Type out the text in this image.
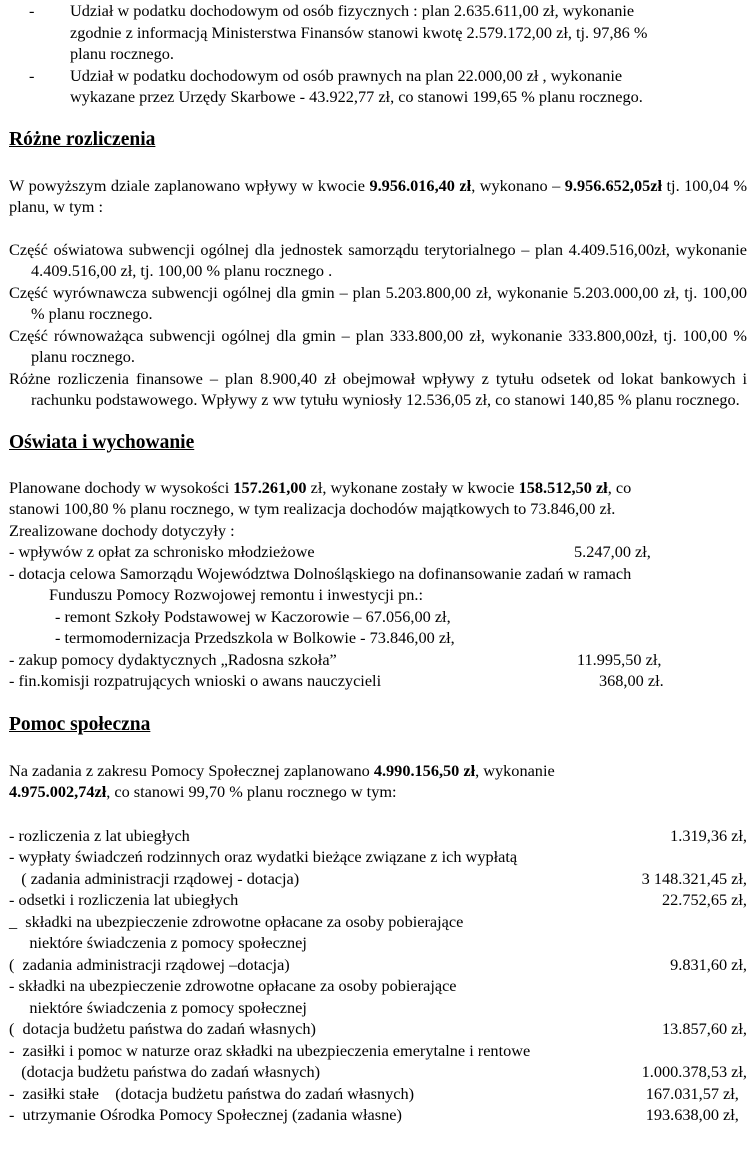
- Udział w podatku dochodowym od osób fizycznych : plan 2.635.611,00 zł, wykonanie

zgodnie z informacją Ministerstwa Finansów stanowi kwotę 2.579.172,00 zł, tj. 97,86 %

planu rocznego.

- Udział w podatku dochodowym od osób prawnych na plan 22.000,00 zł , wykonanie

wykazane przez Urzędy Skarbowe - 43.922,77 zł, co stanowi 199,65 % planu rocznego.

Różne rozliczenia

W powyższym dziale zaplanowano wpływy w kwocie 9.956.016,40 zł, wykonano – 9.956.652,05zł tj. 100,04 % planu, w tym :

Część oświatowa subwencji ogólnej dla jednostek samorządu terytorialnego – plan 4.409.516,00zł, wykonanie 4.409.516,00 zł, tj. 100,00 % planu rocznego .

Część wyrównawcza subwencji ogólnej dla gmin – plan 5.203.800,00 zł, wykonanie 5.203.000,00 zł, tj. 100,00 % planu rocznego.

Część równoważąca subwencji ogólnej dla gmin – plan 333.800,00 zł, wykonanie 333.800,00zł, tj. 100,00 % planu rocznego.

Różne rozliczenia finansowe – plan 8.900,40 zł obejmował wpływy z tytułu odsetek od lokat bankowych i rachunku podstawowego. Wpływy z ww tytułu wyniosły 12.536,05 zł, co stanowi 140,85 % planu rocznego.

Oświata i wychowanie

Planowane dochody w wysokości 157.261,00 zł, wykonane zostały w kwocie 158.512,50 zł, co

stanowi 100,80 % planu rocznego, w tym realizacja dochodów majątkowych to 73.846,00 zł.

Zrealizowane dochody dotyczyły :

- wpływów z opłat za schronisko młodzieżowe	5.247,00 zł,

- dotacja celowa Samorządu Województwa Dolnośląskiego na dofinansowanie zadań w ramach

Funduszu Pomocy Rozwojowej remontu i inwestycji pn.:

- remont Szkoły Podstawowej w Kaczorowie – 67.056,00 zł,

- termomodernizacja Przedszkola w Bolkowie - 73.846,00 zł,

- zakup pomocy dydaktycznych „Radosna szkoła”	11.995,50 zł,
- fin.komisji rozpatrujących wnioski o awans nauczycieli	368,00 zł.
Pomoc społeczna

Na zadania z zakresu Pomocy Społecznej zaplanowano 4.990.156,50 zł, wykonanie

4.975.002,74zł, co stanowi 99,70 % planu rocznego w tym:

- rozliczenia z lat ubiegłych	1.319,36 zł,
- wypłaty świadczeń rodzinnych oraz wydatki bieżące związane z ich wypłatą
( zadania administracji rządowej - dotacja)	3 148.321,45 zł,
- odsetki i rozliczenia lat ubiegłych	22.752,65 zł,
_  składki na ubezpieczenie zdrowotne opłacane za osoby pobierające
niektóre świadczenia z pomocy społecznej
(  zadania administracji rządowej –dotacja)	9.831,60 zł,
- składki na ubezpieczenie zdrowotne opłacane za osoby pobierające
niektóre świadczenia z pomocy społecznej
(  dotacja budżetu państwa do zadań własnych)	13.857,60 zł,
-  zasiłki i pomoc w naturze oraz składki na ubezpieczenia emerytalne i rentowe
(dotacja budżetu państwa do zadań własnych)	1.000.378,53 zł,
-  zasiłki stałe    (dotacja budżetu państwa do zadań własnych)	167.031,57 zł,
-  utrzymanie Ośrodka Pomocy Społecznej (zadania własne)	193.638,00 zł,
